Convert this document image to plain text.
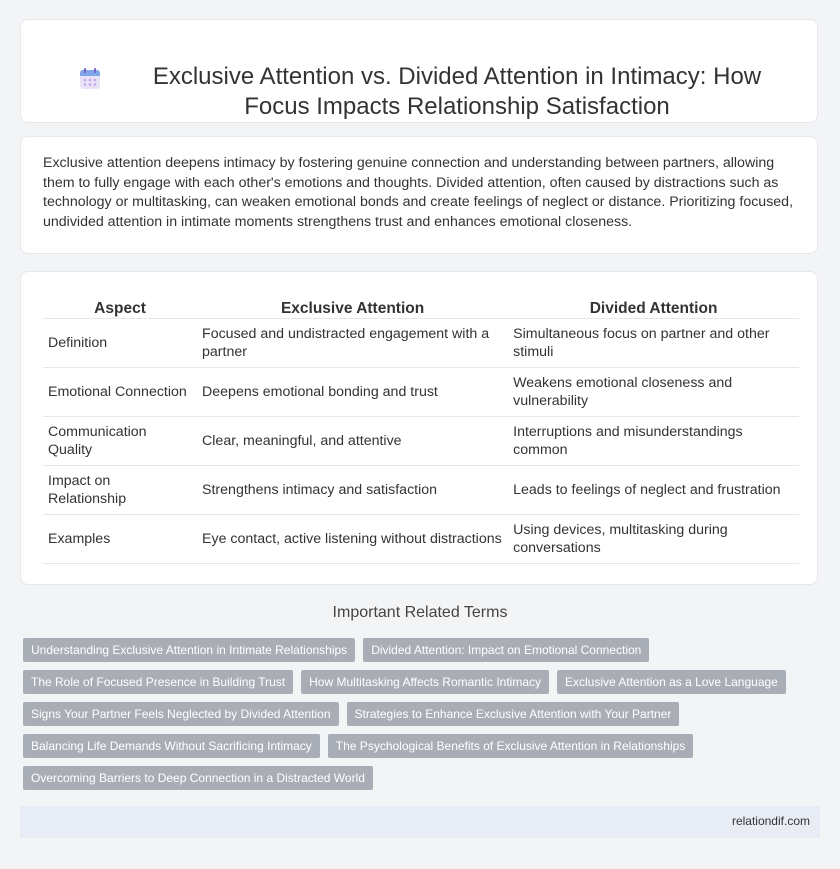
Exclusive Attention vs. Divided Attention in Intimacy: How Focus Impacts Relationship Satisfaction

Exclusive attention deepens intimacy by fostering genuine connection and understanding between partners, allowing them to fully engage with each other's emotions and thoughts. Divided attention, often caused by distractions such as technology or multitasking, can weaken emotional bonds and create feelings of neglect or distance. Prioritizing focused, undivided attention in intimate moments strengthens trust and enhances emotional closeness.

Aspect	Exclusive Attention	Divided Attention
Definition	Focused and undistracted engagement with a partner	Simultaneous focus on partner and other stimuli
Emotional Connection	Deepens emotional bonding and trust	Weakens emotional closeness and vulnerability
Communication Quality	Clear, meaningful, and attentive	Interruptions and misunderstandings common
Impact on Relationship	Strengthens intimacy and satisfaction	Leads to feelings of neglect and frustration
Examples	Eye contact, active listening without distractions	Using devices, multitasking during conversations
Important Related Terms
Understanding Exclusive Attention in Intimate Relationships	Divided Attention: Impact on Emotional Connection
The Role of Focused Presence in Building Trust	How Multitasking Affects Romantic Intimacy	Exclusive Attention as a Love Language
Signs Your Partner Feels Neglected by Divided Attention	Strategies to Enhance Exclusive Attention with Your Partner
Balancing Life Demands Without Sacrificing Intimacy	The Psychological Benefits of Exclusive Attention in Relationships
Overcoming Barriers to Deep Connection in a Distracted World
relationdif.com
